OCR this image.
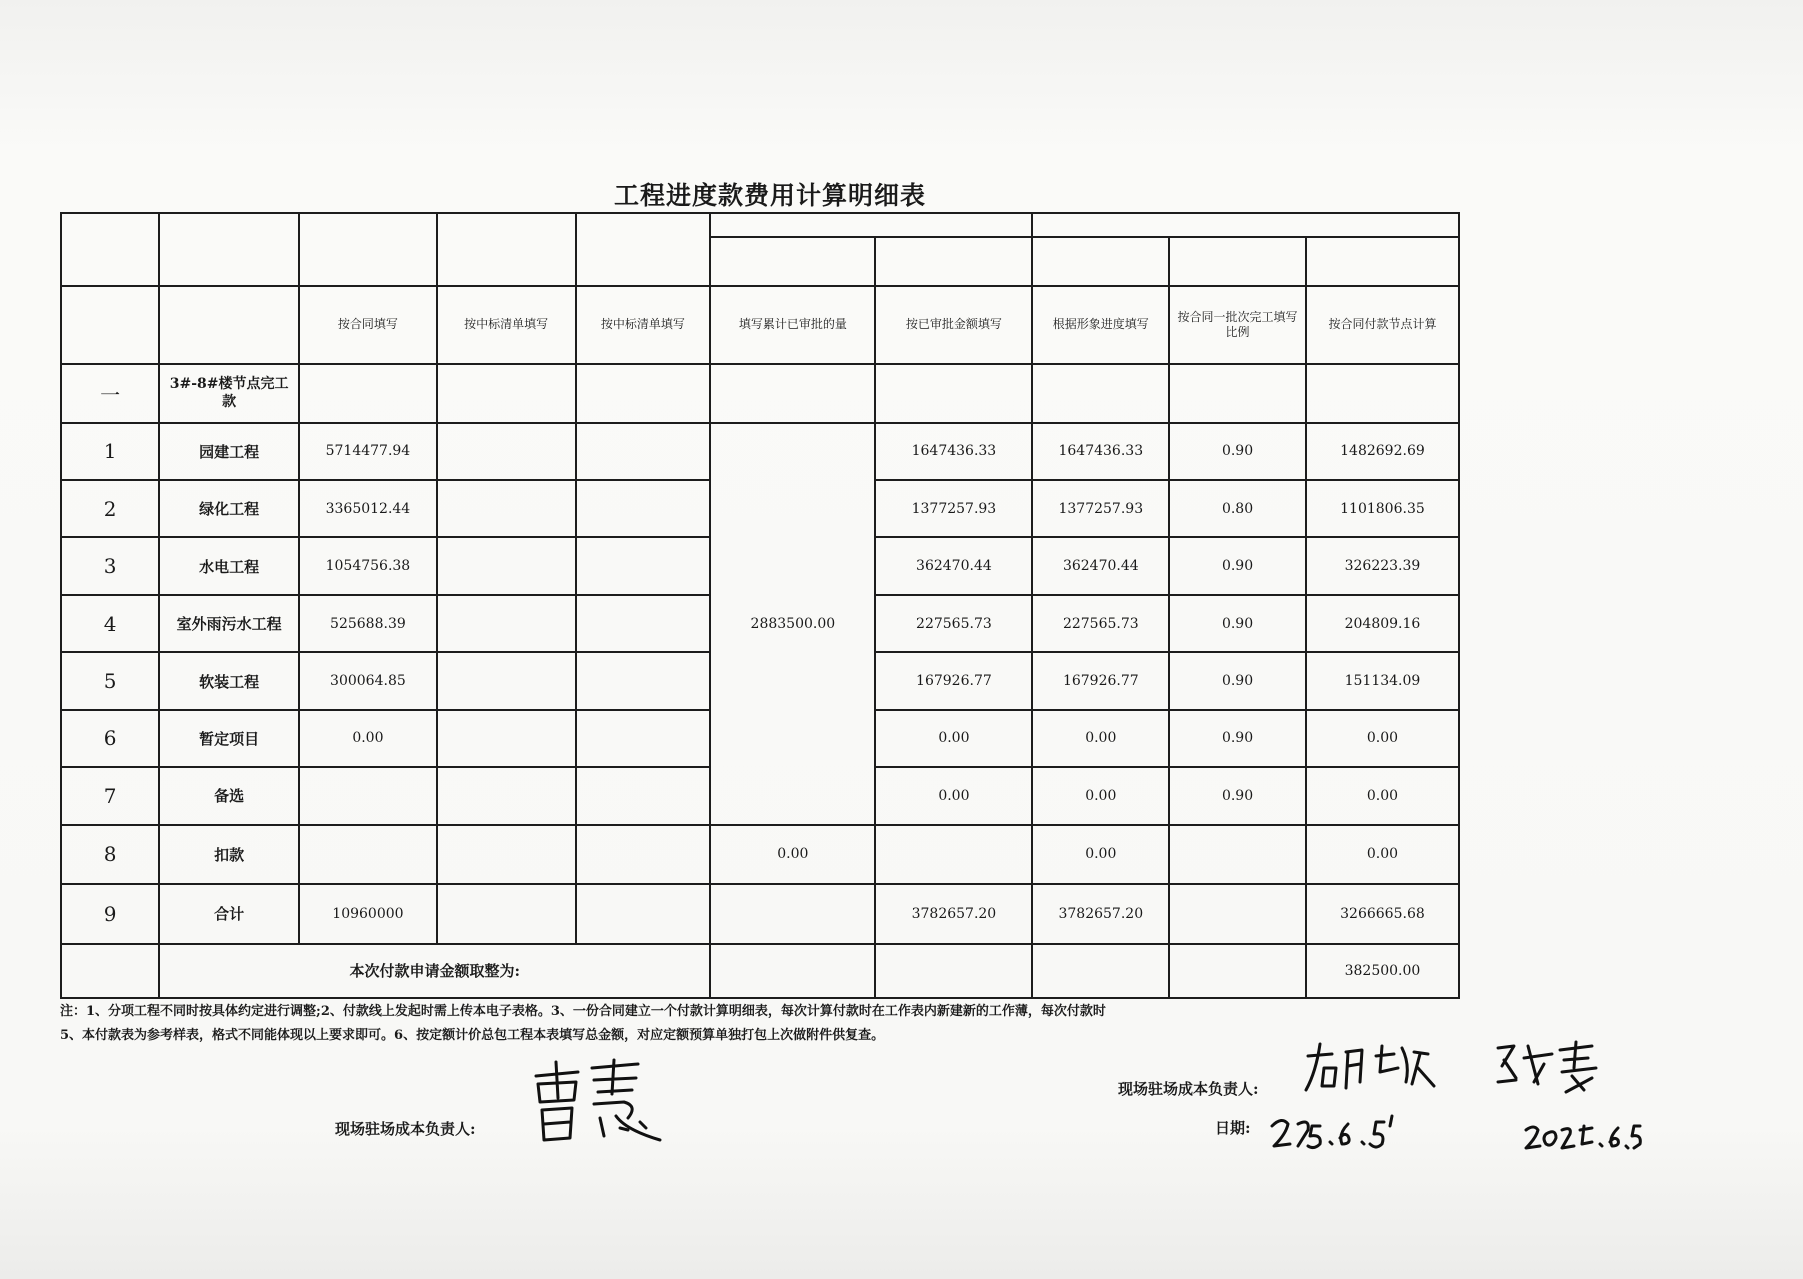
工程进度款费用计算明细表

		按合同填写	按中标清单填写	按中标清单填写	填写累计已审批的量	按已审批金额填写	根据形象进度填写	按合同一批次完工填写比例	按合同付款节点计算
一	3#-8#楼节点完工款								
1	园建工程	5714477.94			2883500.00	1647436.33	1647436.33	0.90	1482692.69
2	绿化工程	3365012.44				1377257.93	1377257.93	0.80	1101806.35
3	水电工程	1054756.38				362470.44	362470.44	0.90	326223.39
4	室外雨污水工程	525688.39				227565.73	227565.73	0.90	204809.16
5	软装工程	300064.85				167926.77	167926.77	0.90	151134.09
6	暂定项目	0.00				0.00	0.00	0.90	0.00
7	备选					0.00	0.00	0.90	0.00
8	扣款				0.00		0.00		0.00
9	合计	10960000				3782657.20	3782657.20		3266665.68
	本次付款申请金额取整为:								382500.00
注：1、分项工程不同时按具体约定进行调整;2、付款线上发起时需上传本电子表格。3、一份合同建立一个付款计算明细表，每次计算付款时在工作表内新建新的工作薄，每次付款时
5、本付款表为参考样表，格式不同能体现以上要求即可。6、按定额计价总包工程本表填写总金额，对应定额预算单独打包上次做附件供复查。
现场驻场成本负责人:
现场驻场成本负责人:
日期:
